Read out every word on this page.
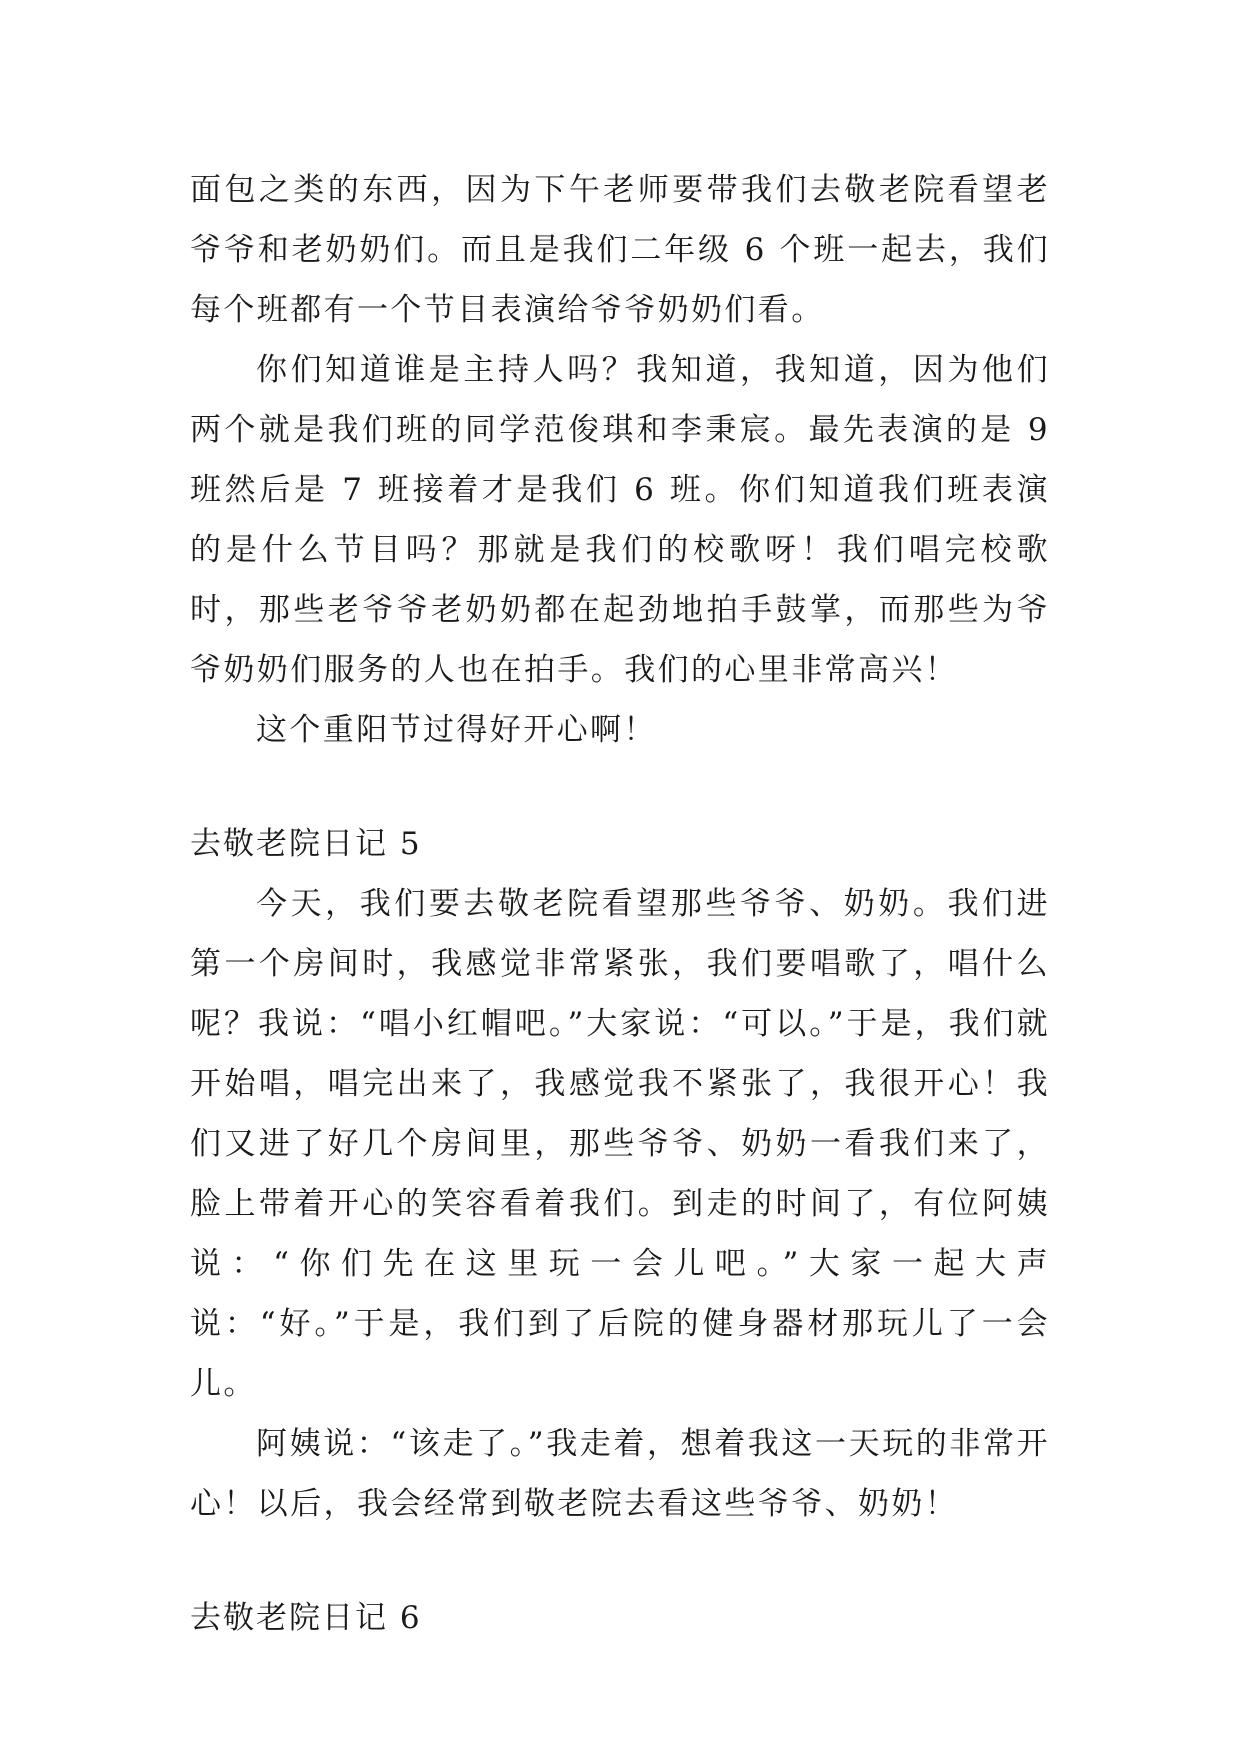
面包之类的东西，因为下午老师要带我们去敬老院看望老爷爷和老奶奶们。而且是我们二年级 6 个班一起去，我们每个班都有一个节目表演给爷爷奶奶们看。

你们知道谁是主持人吗？我知道，我知道，因为他们两个就是我们班的同学范俊琪和李秉宸。最先表演的是 9 班然后是 7 班接着才是我们 6 班。你们知道我们班表演的是什么节目吗？那就是我们的校歌呀！我们唱完校歌时，那些老爷爷老奶奶都在起劲地拍手鼓掌，而那些为爷爷奶奶们服务的人也在拍手。我们的心里非常高兴！

这个重阳节过得好开心啊！

去敬老院日记 5

今天，我们要去敬老院看望那些爷爷、奶奶。我们进第一个房间时，我感觉非常紧张，我们要唱歌了，唱什么呢？我说：“唱小红帽吧。”大家说：“可以。”于是，我们就开始唱，唱完出来了，我感觉我不紧张了，我很开心！我们又进了好几个房间里，那些爷爷、奶奶一看我们来了，脸上带着开心的笑容看着我们。到走的时间了，有位阿姨说：“你们先在这里玩一会儿吧。”大家一起大声说：“好。”于是，我们到了后院的健身器材那玩儿了一会儿。

阿姨说：“该走了。”我走着，想着我这一天玩的非常开心！以后，我会经常到敬老院去看这些爷爷、奶奶！

去敬老院日记 6
